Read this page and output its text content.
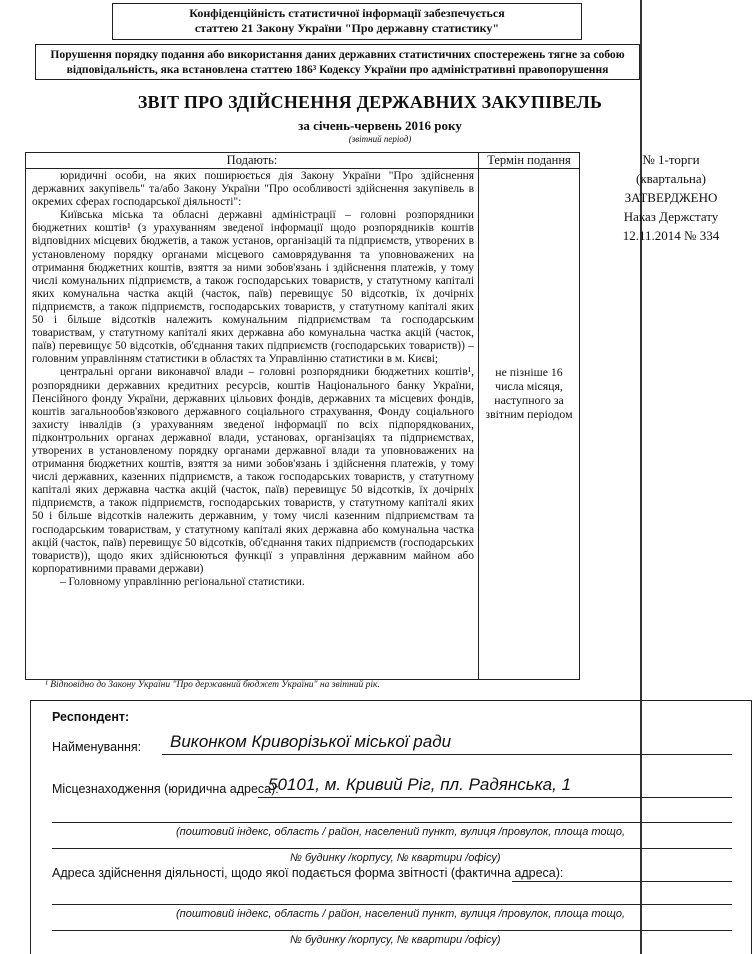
Конфіденційність статистичної інформації забезпечується
статтею 21 Закону України "Про державну статистику"
Порушення порядку подання або використання даних державних статистичних спостережень тягне за собою
відповідальність, яка встановлена статтею 186³ Кодексу України про адміністративні правопорушення
ЗВІТ ПРО ЗДІЙСНЕННЯ ДЕРЖАВНИХ ЗАКУПІВЕЛЬ
за січень-червень 2016 року
(звітний період)
Подають:	Термін подання

юридичні особи, на яких поширюється дія Закону України "Про здійснення державних закупівель" та/або Закону України "Про особливості здійснення закупівель в окремих сферах господарської діяльності":

Київська міська та обласні державні адміністрації – головні розпорядники бюджетних коштів¹ (з урахуванням зведеної інформації щодо розпорядників коштів відповідних місцевих бюджетів, а також установ, організацій та підприємств, утворених в установленому порядку органами місцевого самоврядування та уповноважених на отримання бюджетних коштів, взяття за ними зобов'язань і здійснення платежів, у тому числі комунальних підприємств, а також господарських товариств, у статутному капіталі яких комунальна частка акцій (часток, паїв) перевищує 50 відсотків, їх дочірніх підприємств, а також підприємств, господарських товариств, у статутному капіталі яких 50 і більше відсотків належить комунальним підприємствам та господарським товариствам, у статутному капіталі яких державна або комунальна частка акцій (часток, паїв) перевищує 50 відсотків, об'єднання таких підприємств (господарських товариств)) – головним управлінням статистики в областях та Управлінню статистики в м. Києві;

центральні органи виконавчої влади – головні розпорядники бюджетних коштів¹, розпорядники державних кредитних ресурсів, коштів Національного банку України, Пенсійного фонду України, державних цільових фондів, державних та місцевих фондів, коштів загальнообов'язкового державного соціального страхування, Фонду соціального захисту інвалідів (з урахуванням зведеної інформації по всіх підпорядкованих, підконтрольних органах державної влади, установах, організаціях та підприємствах, утворених в установленому порядку органами державної влади та уповноважених на отримання бюджетних коштів, взяття за ними зобов'язань і здійснення платежів, у тому числі державних, казенних підприємств, а також господарських товариств, у статутному капіталі яких державна частка акцій (часток, паїв) перевищує 50 відсотків, їх дочірніх підприємств, а також підприємств, господарських товариств, у статутному капіталі яких 50 і більше відсотків належить державним, у тому числі казенним підприємствам та господарським товариствам, у статутному капіталі яких державна або комунальна частка акцій (часток, паїв) перевищує 50 відсотків, об'єднання таких підприємств (господарських товариств)), щодо яких здійснюються функції з управління державним майном або корпоративними правами держави)

– Головному управлінню регіональної статистики.

не пізніше 16 числа місяця, наступного за звітним періодом
№ 1-торги
(квартальна)
ЗАТВЕРДЖЕНО
Наказ Держстату
12.11.2014 № 334
¹ Відповідно до Закону України "Про державний бюджет України" на звітний рік.
Респондент:
Найменування: Виконком Криворізької міської ради
Місцезнаходження (юридична адреса):
50101, м. Кривий Ріг, пл. Радянська, 1
(поштовий індекс, область / район, населений пункт, вулиця /провулок, площа тощо,
№ будинку /корпусу, № квартири /офісу)
Адреса здійснення діяльності, щодо якої подається форма звітності (фактична адреса):
(поштовий індекс, область / район, населений пункт, вулиця /провулок, площа тощо,
№ будинку /корпусу, № квартири /офісу)
